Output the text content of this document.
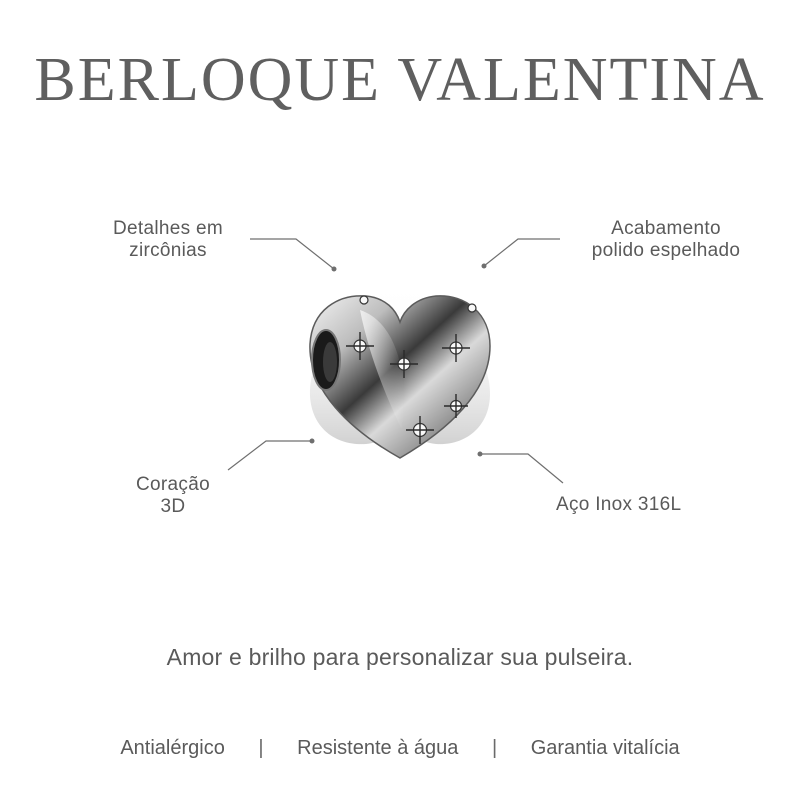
BERLOQUE VALENTINA
Detalhes em
zircônias
Acabamento
polido espelhado
Coração
3D	Aço Inox 316L
Amor e brilho para personalizar sua pulseira.
Antialérgico | Resistente à água | Garantia vitalícia
